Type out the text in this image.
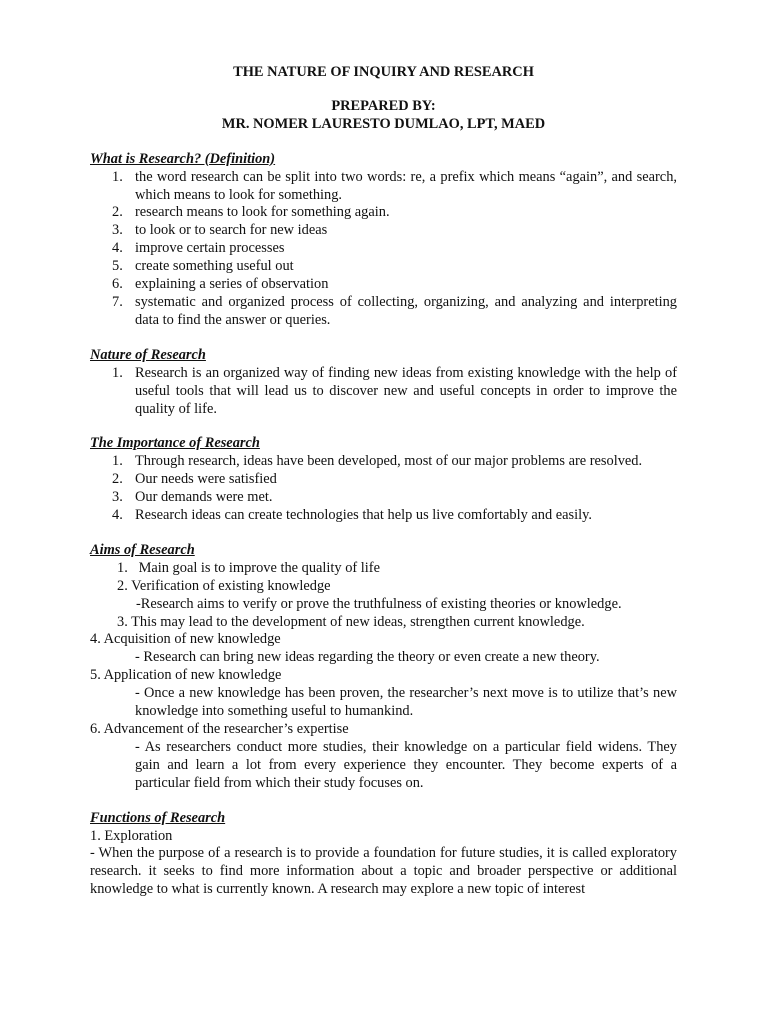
THE NATURE OF INQUIRY AND RESEARCH

PREPARED BY:

MR. NOMER LAURESTO DUMLAO, LPT, MAED

What is Research? (Definition)

1. the word research can be split into two words: re, a prefix which means “again”, and search, which means to look for something.
2. research means to look for something again.
3. to look or to search for new ideas
4. improve certain processes
5. create something useful out
6. explaining a series of observation
7. systematic and organized process of collecting, organizing, and analyzing and interpreting data to find the answer or queries.

Nature of Research

1. Research is an organized way of finding new ideas from existing knowledge with the help of useful tools that will lead us to discover new and useful concepts in order to improve the quality of life.

The Importance of Research

1. Through research, ideas have been developed, most of our major problems are resolved.
2. Our needs were satisfied
3. Our demands were met.
4. Research ideas can create technologies that help us live comfortably and easily.

Aims of Research

1.   Main goal is to improve the quality of life

2. Verification of existing knowledge

-Research aims to verify or prove the truthfulness of existing theories or knowledge.

3. This may lead to the development of new ideas, strengthen current knowledge.

4. Acquisition of new knowledge

- Research can bring new ideas regarding the theory or even create a new theory.

5. Application of new knowledge

- Once a new knowledge has been proven, the researcher’s next move is to utilize that’s new knowledge into something useful to humankind.

6. Advancement of the researcher’s expertise

- As researchers conduct more studies, their knowledge on a particular field widens. They gain and learn a lot from every experience they encounter. They become experts of a particular field from which their study focuses on.

Functions of Research

1. Exploration

- When the purpose of a research is to provide a foundation for future studies, it is called exploratory research. it seeks to find more information about a topic and broader perspective or additional knowledge to what is currently known. A research may explore a new topic of interest
